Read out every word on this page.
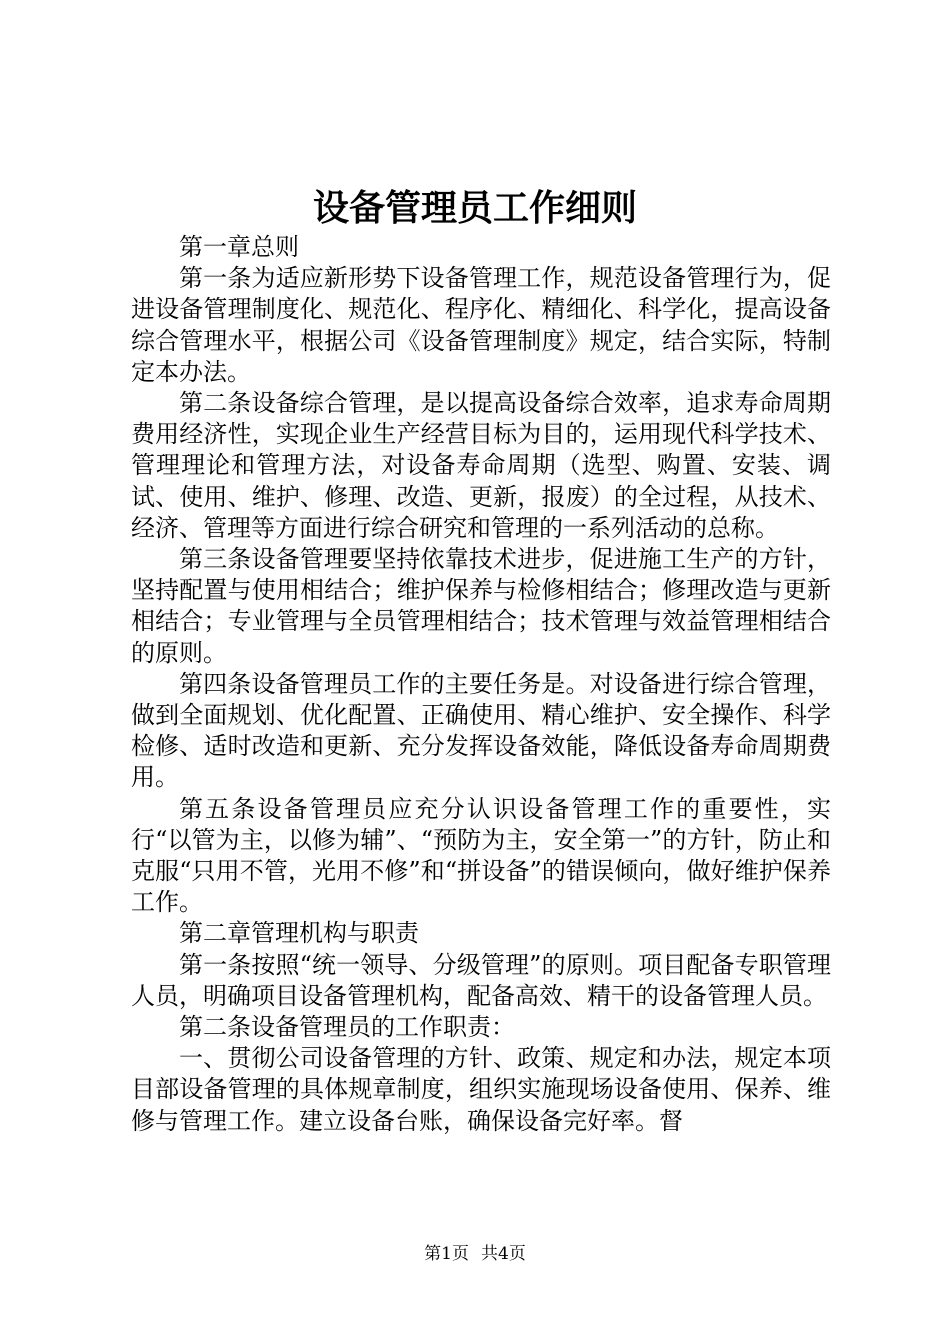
设备管理员工作细则

第一章总则

第一条为适应新形势下设备管理工作，规范设备管理行为，促进设备管理制度化、规范化、程序化、精细化、科学化，提高设备综合管理水平，根据公司《设备管理制度》规定，结合实际，特制定本办法。

第二条设备综合管理，是以提高设备综合效率，追求寿命周期费用经济性，实现企业生产经营目标为目的，运用现代科学技术、管理理论和管理方法，对设备寿命周期（选型、购置、安装、调试、使用、维护、修理、改造、更新，报废）的全过程，从技术、经济、管理等方面进行综合研究和管理的一系列活动的总称。

第三条设备管理要坚持依靠技术进步，促进施工生产的方针，坚持配置与使用相结合；维护保养与检修相结合；修理改造与更新相结合；专业管理与全员管理相结合；技术管理与效益管理相结合的原则。

第四条设备管理员工作的主要任务是。对设备进行综合管理，做到全面规划、优化配置、正确使用、精心维护、安全操作、科学检修、适时改造和更新、充分发挥设备效能，降低设备寿命周期费用。

第五条设备管理员应充分认识设备管理工作的重要性，实行“以管为主，以修为辅”、“预防为主，安全第一”的方针，防止和克服“只用不管，光用不修”和“拼设备”的错误倾向，做好维护保养工作。

第二章管理机构与职责

第一条按照“统一领导、分级管理”的原则。项目配备专职管理人员，明确项目设备管理机构，配备高效、精干的设备管理人员。

第二条设备管理员的工作职责：

一、贯彻公司设备管理的方针、政策、规定和办法，规定本项目部设备管理的具体规章制度，组织实施现场设备使用、保养、维修与管理工作。建立设备台账，确保设备完好率。督

第1页 共4页
